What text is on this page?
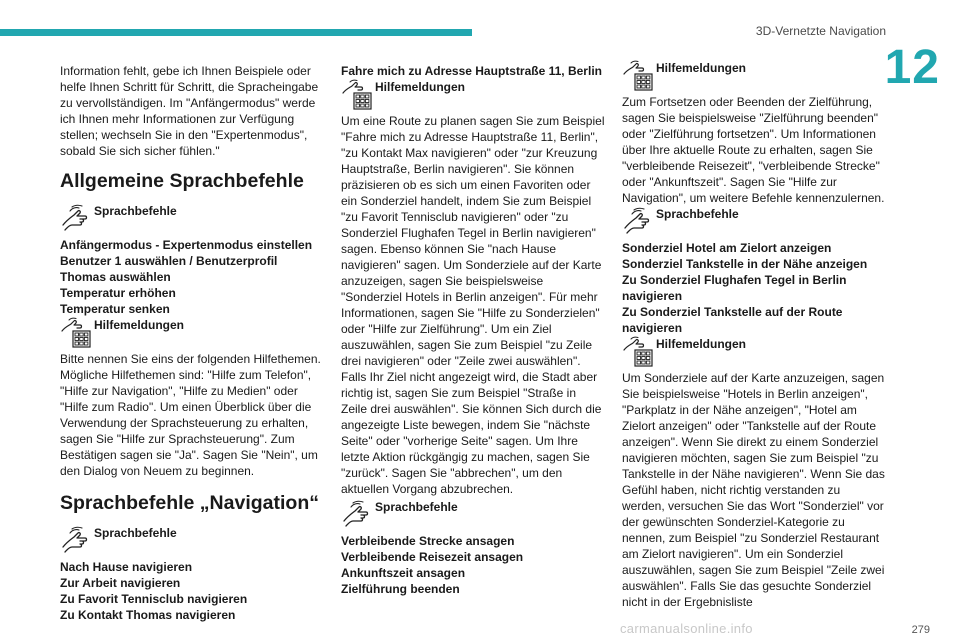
3D-Vernetzte Navigation
12

Information fehlt, gebe ich Ihnen Beispiele oder helfe Ihnen Schritt für Schritt, die Spracheingabe zu vervollständigen. Im "Anfängermodus" werde ich Ihnen mehr Informationen zur Verfügung stellen; wechseln Sie in den "Expertenmodus", sobald Sie sich sicher fühlen."

Allgemeine Sprachbefehle
Sprachbefehle
Anfängermodus - Expertenmodus einstellen
Benutzer 1 auswählen / Benutzerprofil Thomas auswählen
Temperatur erhöhen
Temperatur senken
Hilfemeldungen

Bitte nennen Sie eins der folgenden Hilfethemen. Mögliche Hilfethemen sind: "Hilfe zum Telefon", "Hilfe zur Navigation", "Hilfe zu Medien" oder "Hilfe zum Radio". Um einen Überblick über die Verwendung der Sprachsteuerung zu erhalten, sagen Sie "Hilfe zur Sprachsteuerung". Zum Bestätigen sagen sie "Ja". Sagen Sie "Nein", um den Dialog von Neuem zu beginnen.

Sprachbefehle „Navigation“
Sprachbefehle
Nach Hause navigieren
Zur Arbeit navigieren
Zu Favorit Tennisclub navigieren
Zu Kontakt Thomas navigieren
Fahre mich zu Adresse Hauptstraße 11, Berlin
Hilfemeldungen

Um eine Route zu planen sagen Sie zum Beispiel "Fahre mich zu Adresse Hauptstraße 11, Berlin", "zu Kontakt Max navigieren" oder "zur Kreuzung Hauptstraße, Berlin navigieren". Sie können präzisieren ob es sich um einen Favoriten oder ein Sonderziel handelt, indem Sie zum Beispiel "zu Favorit Tennisclub navigieren" oder "zu Sonderziel Flughafen Tegel in Berlin navigieren" sagen. Ebenso können Sie "nach Hause navigieren" sagen. Um Sonderziele auf der Karte anzuzeigen, sagen Sie beispielsweise "Sonderziel Hotels in Berlin anzeigen". Für mehr Informationen, sagen Sie "Hilfe zu Sonderzielen" oder "Hilfe zur Zielführung". Um ein Ziel auszuwählen, sagen Sie zum Beispiel "zu Zeile drei navigieren" oder "Zeile zwei auswählen". Falls Ihr Ziel nicht angezeigt wird, die Stadt aber richtig ist, sagen Sie zum Beispiel "Straße in Zeile drei auswählen". Sie können Sich durch die angezeigte Liste bewegen, indem Sie "nächste Seite" oder "vorherige Seite" sagen. Um Ihre letzte Aktion rückgängig zu machen, sagen Sie "zurück". Sagen Sie "abbrechen", um den aktuellen Vorgang abzubrechen.

Sprachbefehle
Verbleibende Strecke ansagen
Verbleibende Reisezeit ansagen
Ankunftszeit ansagen
Zielführung beenden
Hilfemeldungen

Zum Fortsetzen oder Beenden der Zielführung, sagen Sie beispielsweise "Zielführung beenden" oder "Zielführung fortsetzen". Um Informationen über Ihre aktuelle Route zu erhalten, sagen Sie "verbleibende Reisezeit", "verbleibende Strecke" oder "Ankunftszeit". Sagen Sie "Hilfe zur Navigation", um weitere Befehle kennenzulernen.

Sprachbefehle
Sonderziel Hotel am Zielort anzeigen
Sonderziel Tankstelle in der Nähe anzeigen
Zu Sonderziel Flughafen Tegel in Berlin navigieren
Zu Sonderziel Tankstelle auf der Route navigieren
Hilfemeldungen

Um Sonderziele auf der Karte anzuzeigen, sagen Sie beispielsweise "Hotels in Berlin anzeigen", "Parkplatz in der Nähe anzeigen", "Hotel am Zielort anzeigen" oder "Tankstelle auf der Route anzeigen". Wenn Sie direkt zu einem Sonderziel navigieren möchten, sagen Sie zum Beispiel "zu Tankstelle in der Nähe navigieren". Wenn Sie das Gefühl haben, nicht richtig verstanden zu werden, versuchen Sie das Wort "Sonderziel" vor der gewünschten Sonderziel-Kategorie zu nennen, zum Beispiel "zu Sonderziel Restaurant am Zielort navigieren". Um ein Sonderziel auszuwählen, sagen Sie zum Beispiel "Zeile zwei auswählen". Falls Sie das gesuchte Sonderziel nicht in der Ergebnisliste

carmanualsonline.info	279
